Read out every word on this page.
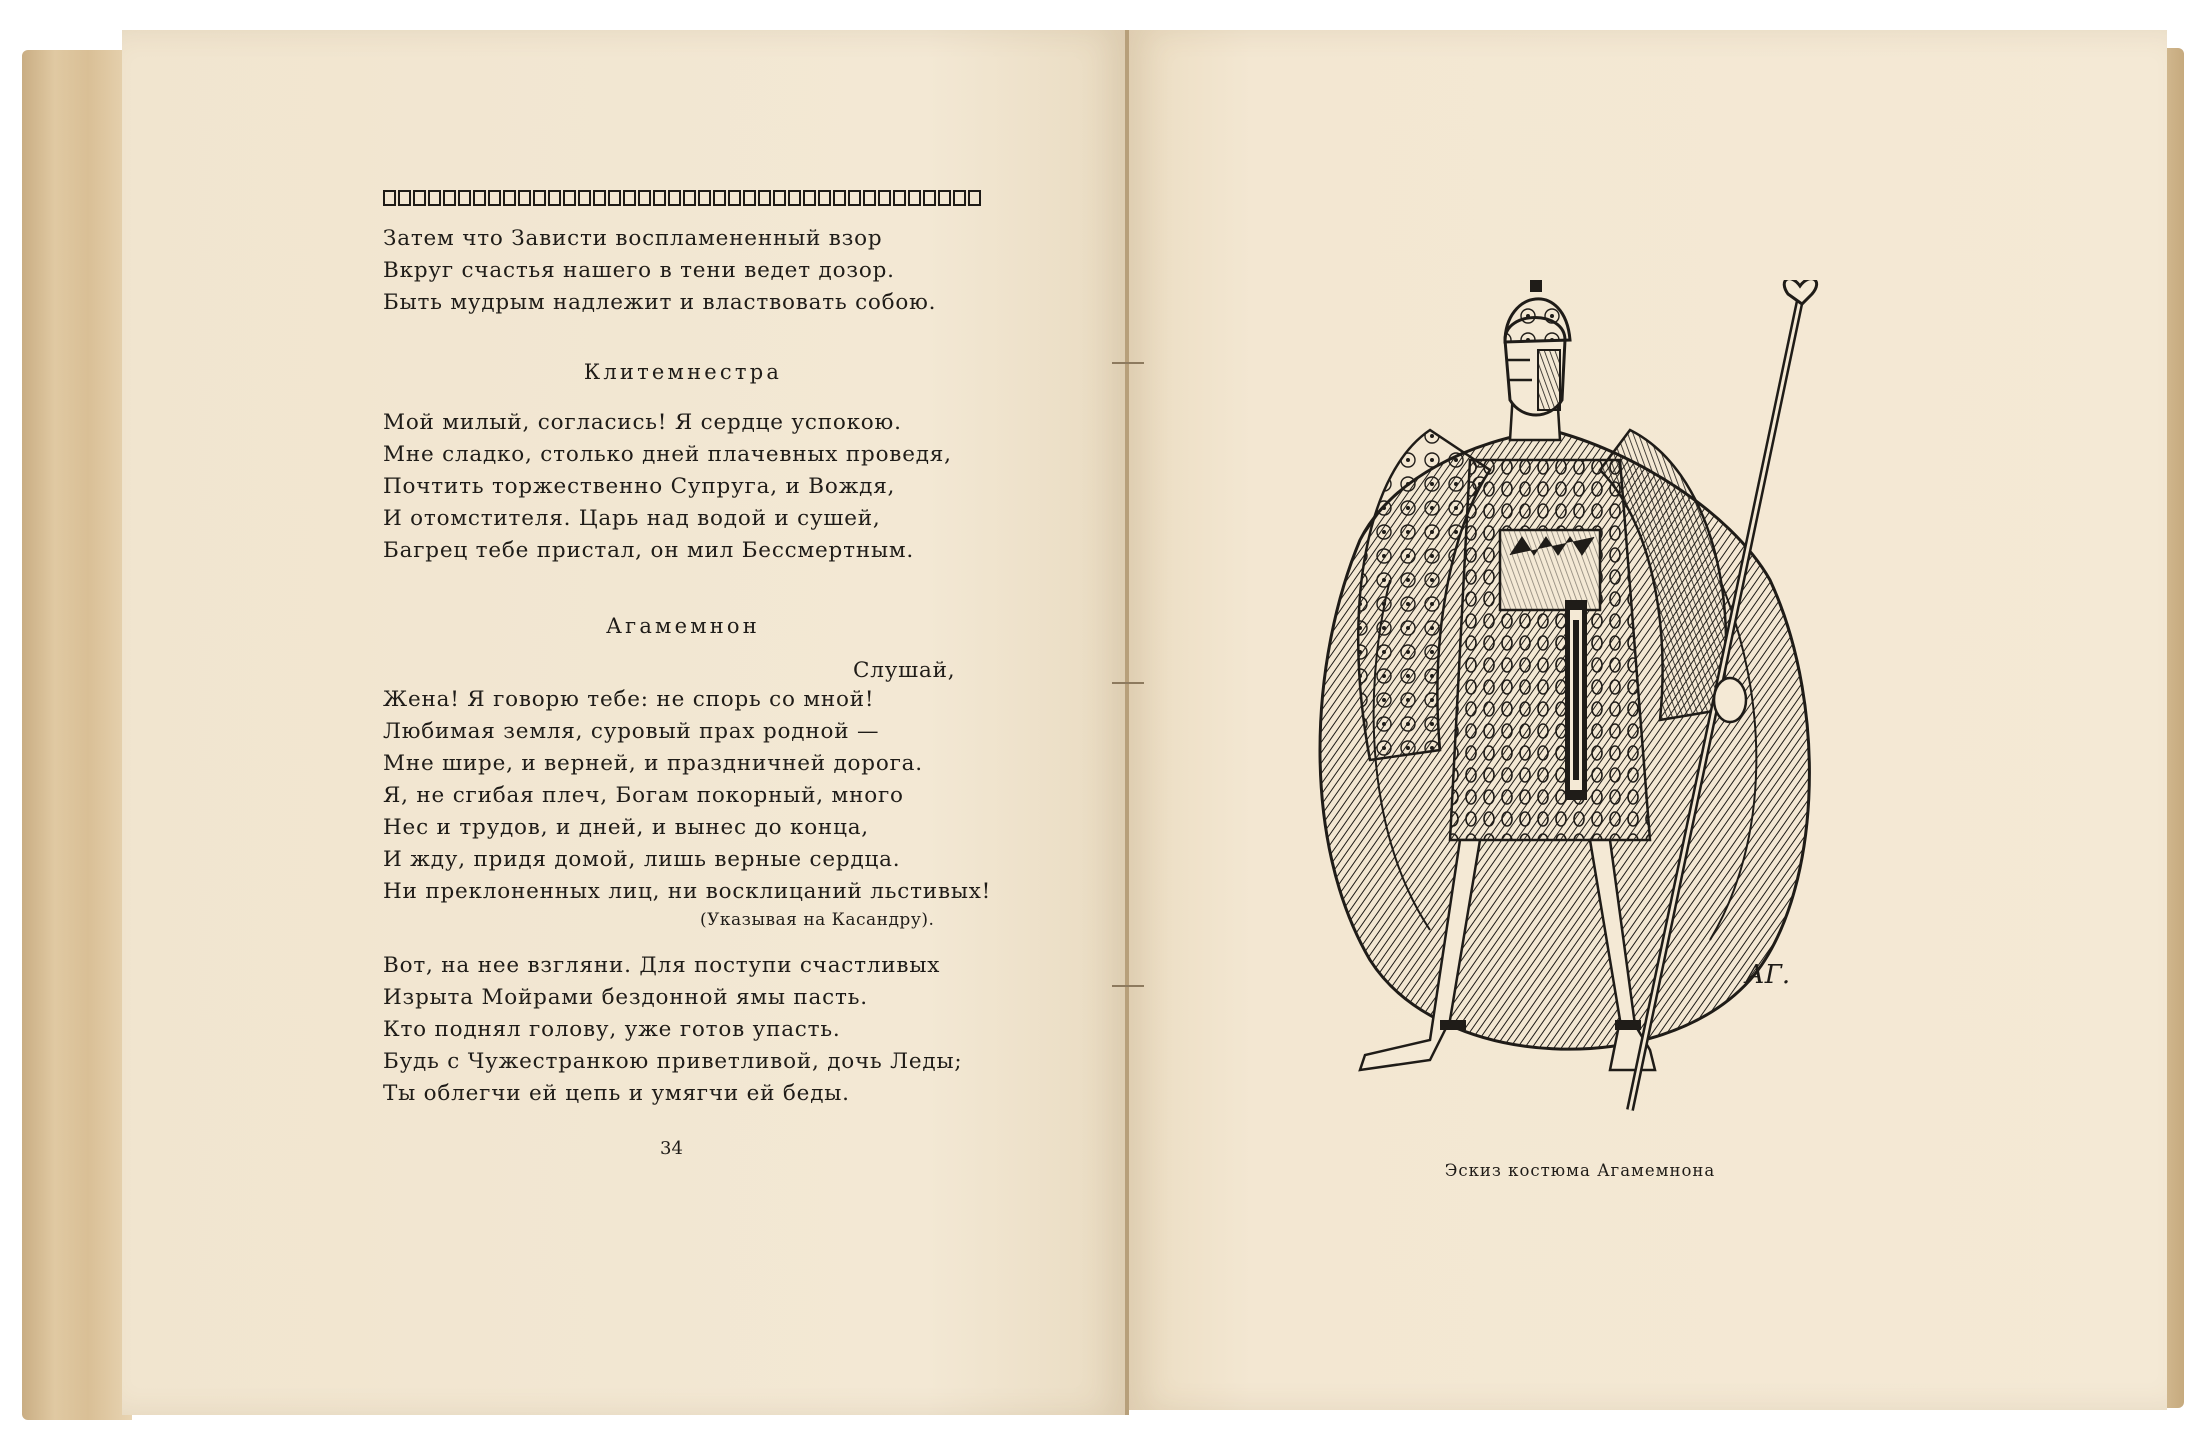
Затем что Зависти воспламененный взор
Вкруг счастья нашего в тени ведет дозор.
Быть мудрым надлежит и властвовать собою.
Клитемнестра
Мой милый, согласись! Я сердце успокою.
Мне сладко, столько дней плачевных проведя,
Почтить торжественно Супруга, и Вождя,
И отомстителя. Царь над водой и сушей,
Багрец тебе пристал, он мил Бессмертным.
Агамемнон
Слушай,
Жена! Я говорю тебе: не спорь со мной!
Любимая земля, суровый прах родной —
Мне шире, и верней, и праздничней дорога.
Я, не сгибая плеч, Богам покорный, много
Нес и трудов, и дней, и вынес до конца,
И жду, придя домой, лишь верные сердца.
Ни преклоненных лиц, ни восклицаний льстивых!
(Указывая на Касандру).
Вот, на нее взгляни. Для поступи счастливых
Изрыта Мойрами бездонной ямы пасть.
Кто поднял голову, уже готов упасть.
Будь с Чужестранкою приветливой, дочь Леды;
Ты облегчи ей цепь и умягчи ей беды.
34
АГ.
Эскиз костюма Агамемнона
